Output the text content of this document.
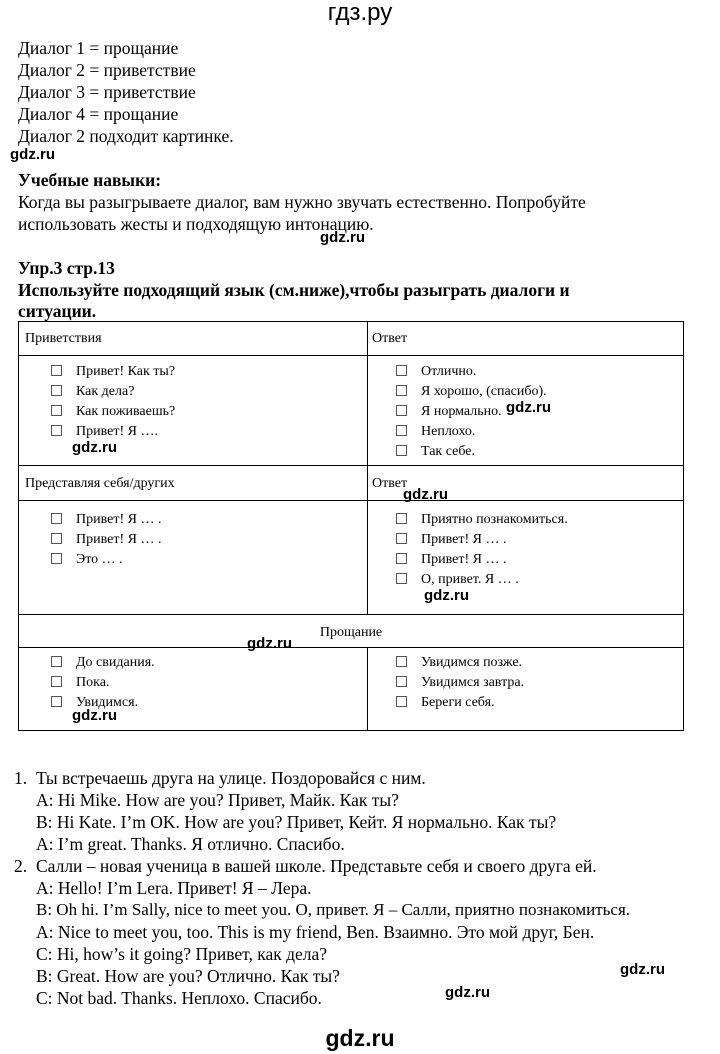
гдз.ру
Диалог 1 = прощание
Диалог 2 = приветствие
Диалог 3 = приветствие
Диалог 4 = прощание
Диалог 2 подходит картинке.
gdz.ru
Учебные навыки:
Когда вы разыгрываете диалог, вам нужно звучать естественно. Попробуйте
использовать жесты и подходящую интонацию.
gdz.ru
Упр.3 стр.13
Используйте подходящий язык (см.ниже),чтобы разыграть диалоги и
ситуации.
Приветствия	Ответ
Привет! Как ты?
Как дела?
Как поживаешь?
Привет! Я ….
gdz.ru
Отлично.
Я хорошо, (спасибо).
Я нормально.
Неплохо.
Так себе.
gdz.ru
Представляя себя/других	Ответ
gdz.ru
Привет! Я … .
Привет! Я … .
Это … .
Приятно познакомиться.
Привет! Я … .
Привет! Я … .
О, привет. Я … .
gdz.ru
Прощание
gdz.ru
До свидания.
Пока.
Увидимся.
gdz.ru
Увидимся позже.
Увидимся завтра.
Береги себя.
1. Ты встречаешь друга на улице. Поздоровайся с ним.
A: Hi Mike. How are you? Привет, Майк. Как ты?
B: Hi Kate. I’m OK. How are you? Привет, Кейт. Я нормально. Как ты?
A: I’m great. Thanks. Я отлично. Спасибо.
2. Салли – новая ученица в вашей школе. Представьте себя и своего друга ей.
A: Hello! I’m Lera. Привет! Я – Лера.
B: Oh hi. I’m Sally, nice to meet you. О, привет. Я – Салли, приятно познакомиться.
A: Nice to meet you, too. This is my friend, Ben. Взаимно. Это мой друг, Бен.
C: Hi, how’s it going? Привет, как дела?
B: Great. How are you? Отлично. Как ты?
C: Not bad. Thanks. Неплохо. Спасибо.
gdz.ru
gdz.ru
gdz.ru
